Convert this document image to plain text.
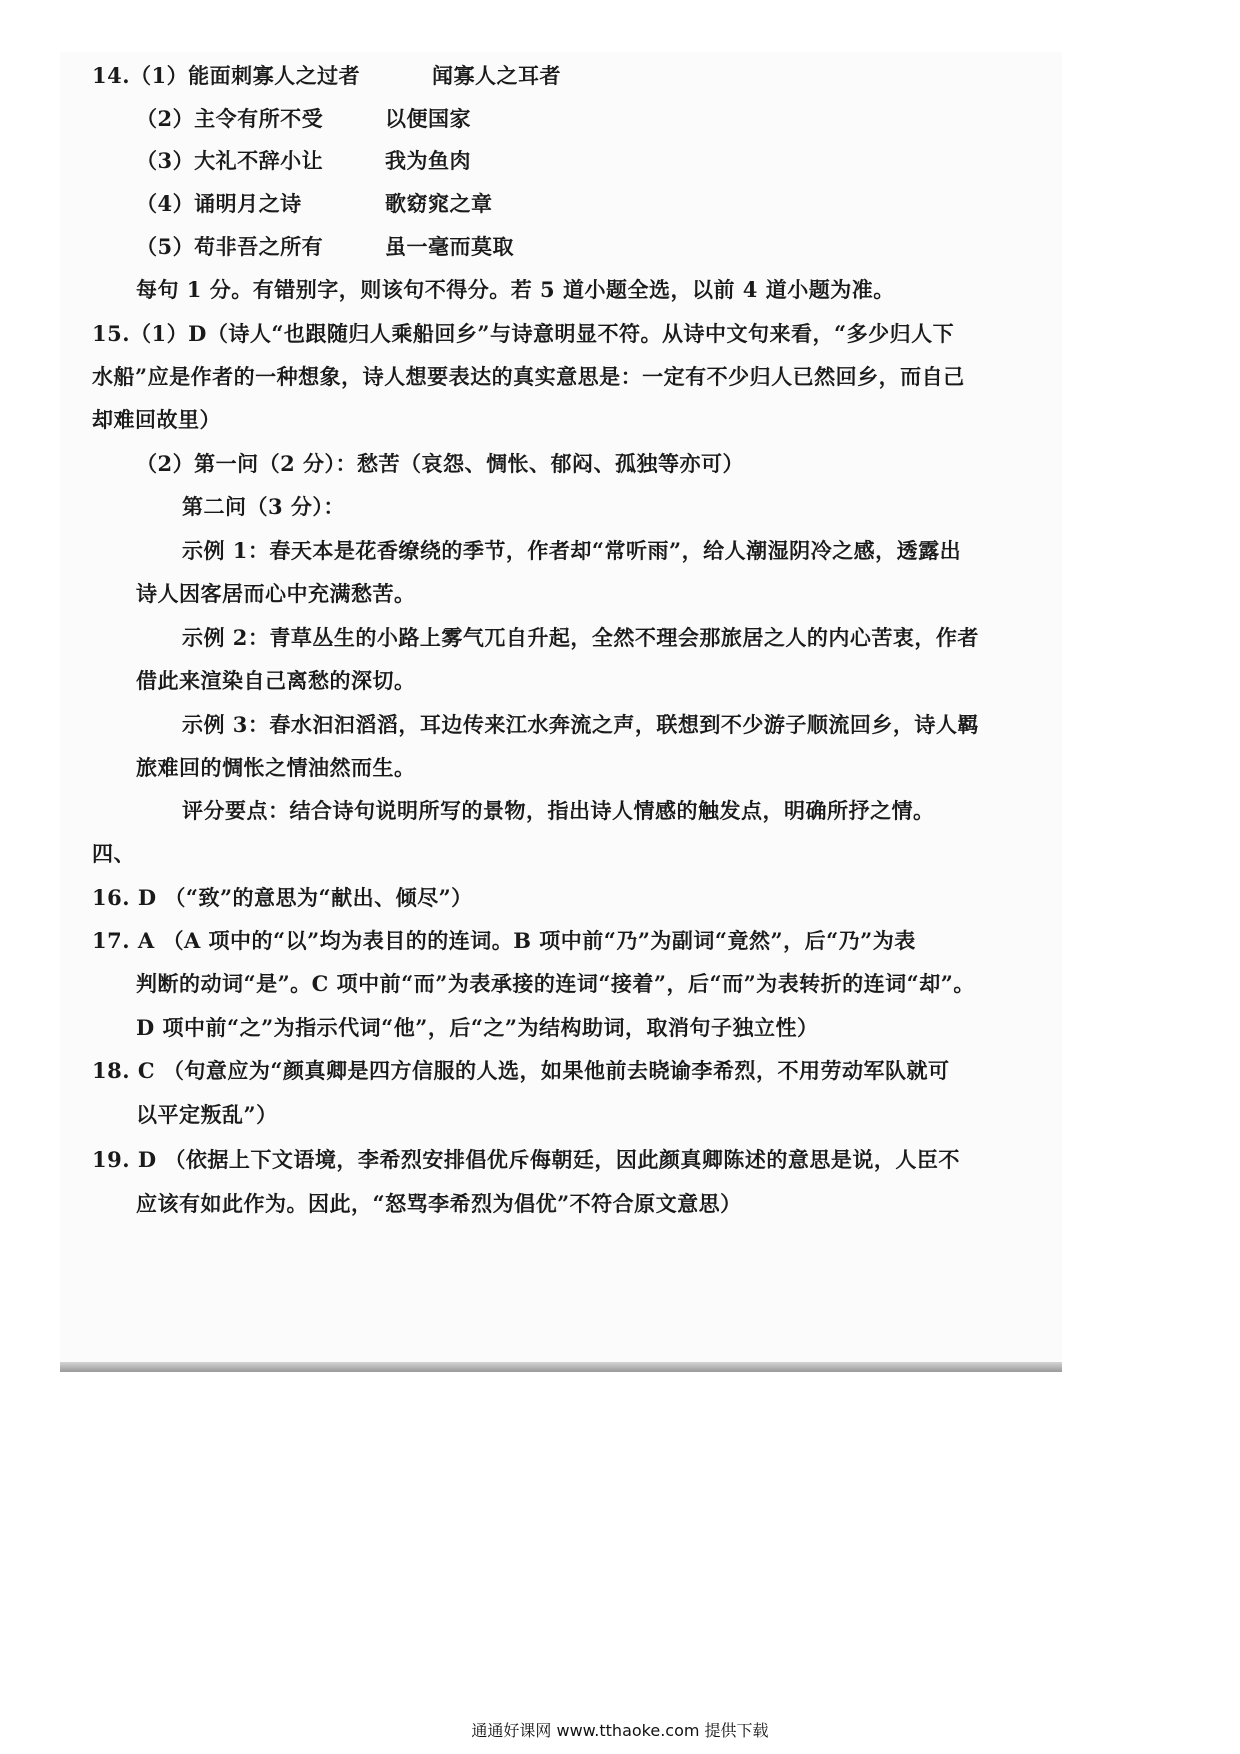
14.（1）能面刺寡人之过者	闻寡人之耳者
（2）主令有所不受	以便国家
（3）大礼不辞小让	我为鱼肉
（4）诵明月之诗	歌窈窕之章
（5）苟非吾之所有	虽一毫而莫取
每句 1 分。有错别字，则该句不得分。若 5 道小题全选，以前 4 道小题为准。
15.（1）D（诗人“也跟随归人乘船回乡”与诗意明显不符。从诗中文句来看，“多少归人下
水船”应是作者的一种想象，诗人想要表达的真实意思是：一定有不少归人已然回乡，而自己
却难回故里）
（2）第一问（2 分）：愁苦（哀怨、惆怅、郁闷、孤独等亦可）
第二问（3 分）：
示例 1：春天本是花香缭绕的季节，作者却“常听雨”，给人潮湿阴冷之感，透露出
诗人因客居而心中充满愁苦。
示例 2：青草丛生的小路上雾气兀自升起，全然不理会那旅居之人的内心苦衷，作者
借此来渲染自己离愁的深切。
示例 3：春水汩汩滔滔，耳边传来江水奔流之声，联想到不少游子顺流回乡，诗人羁
旅难回的惆怅之情油然而生。
评分要点：结合诗句说明所写的景物，指出诗人情感的触发点，明确所抒之情。
四、
16. D （“致”的意思为“献出、倾尽”）
17. A （A 项中的“以”均为表目的的连词。B 项中前“乃”为副词“竟然”，后“乃”为表
判断的动词“是”。C 项中前“而”为表承接的连词“接着”，后“而”为表转折的连词“却”。
D 项中前“之”为指示代词“他”，后“之”为结构助词，取消句子独立性）
18. C （句意应为“颜真卿是四方信服的人选，如果他前去晓谕李希烈，不用劳动军队就可
以平定叛乱”）
19. D （依据上下文语境，李希烈安排倡优斥侮朝廷，因此颜真卿陈述的意思是说，人臣不
应该有如此作为。因此，“怒骂李希烈为倡优”不符合原文意思）
通通好课网 www.tthaoke.com 提供下载
